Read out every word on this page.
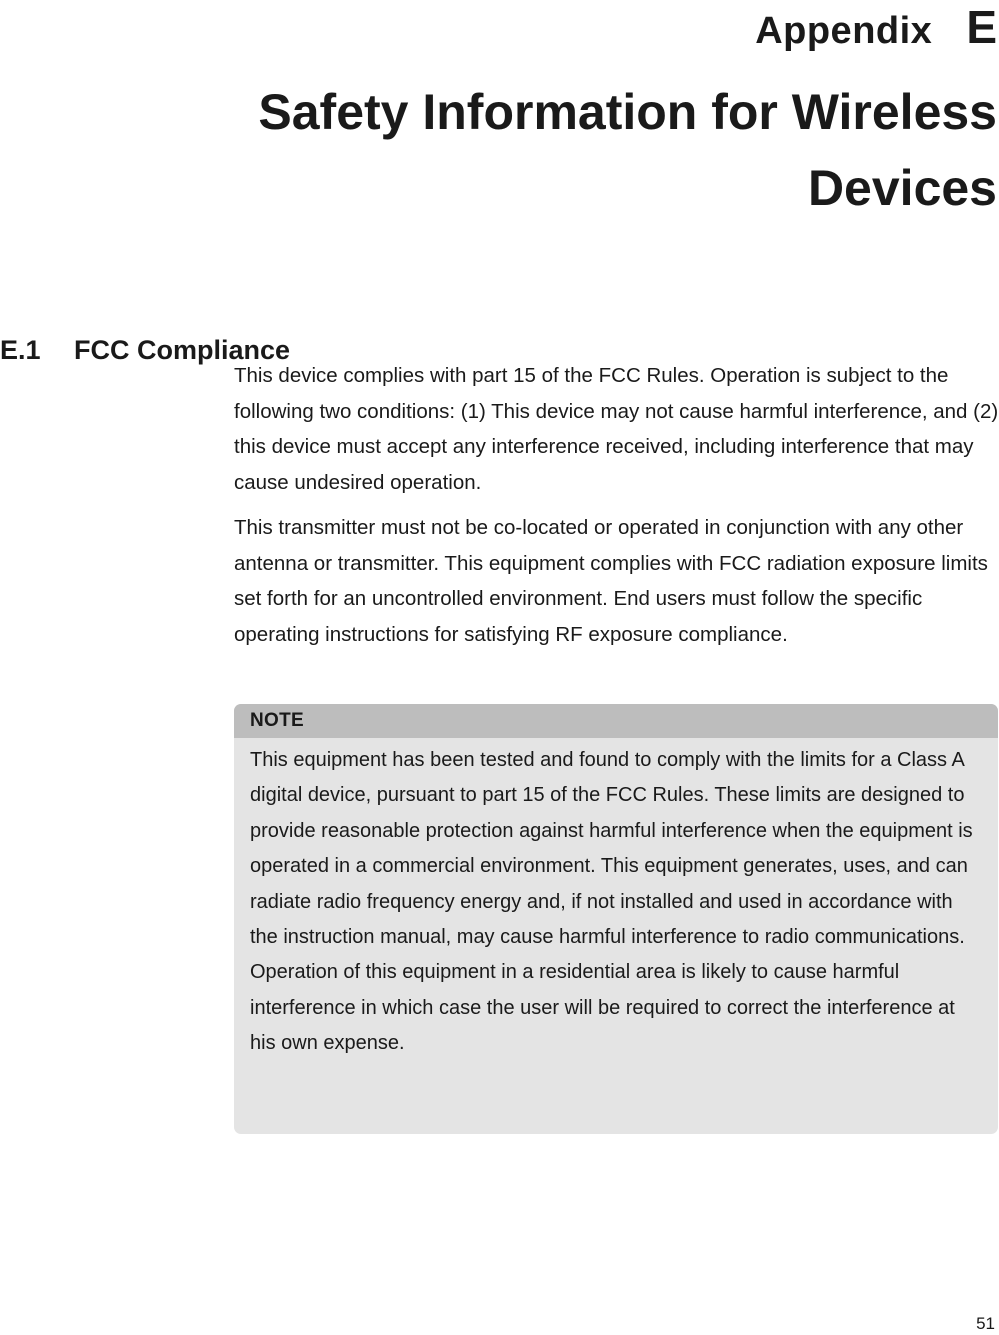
Appendix E
Safety Information for Wireless Devices
E.1	FCC Compliance

This device complies with part 15 of the FCC Rules. Operation is subject to the following two conditions: (1) This device may not cause harmful interference, and (2) this device must accept any interference received, including interference that may cause undesired operation.

This transmitter must not be co-located or operated in conjunction with any other antenna or transmitter. This equipment complies with FCC radiation exposure limits set forth for an uncontrolled environment. End users must follow the specific operating instructions for satisfying RF exposure compliance.

NOTE

This equipment has been tested and found to comply with the limits for a Class A digital device, pursuant to part 15 of the FCC Rules. These limits are designed to provide reasonable protection against harmful interference when the equipment is operated in a commercial environment. This equipment generates, uses, and can radiate radio frequency energy and, if not installed and used in accordance with the instruction manual, may cause harmful interference to radio communications. Operation of this equipment in a residential area is likely to cause harmful interference in which case the user will be required to correct the interference at his own expense.

51
